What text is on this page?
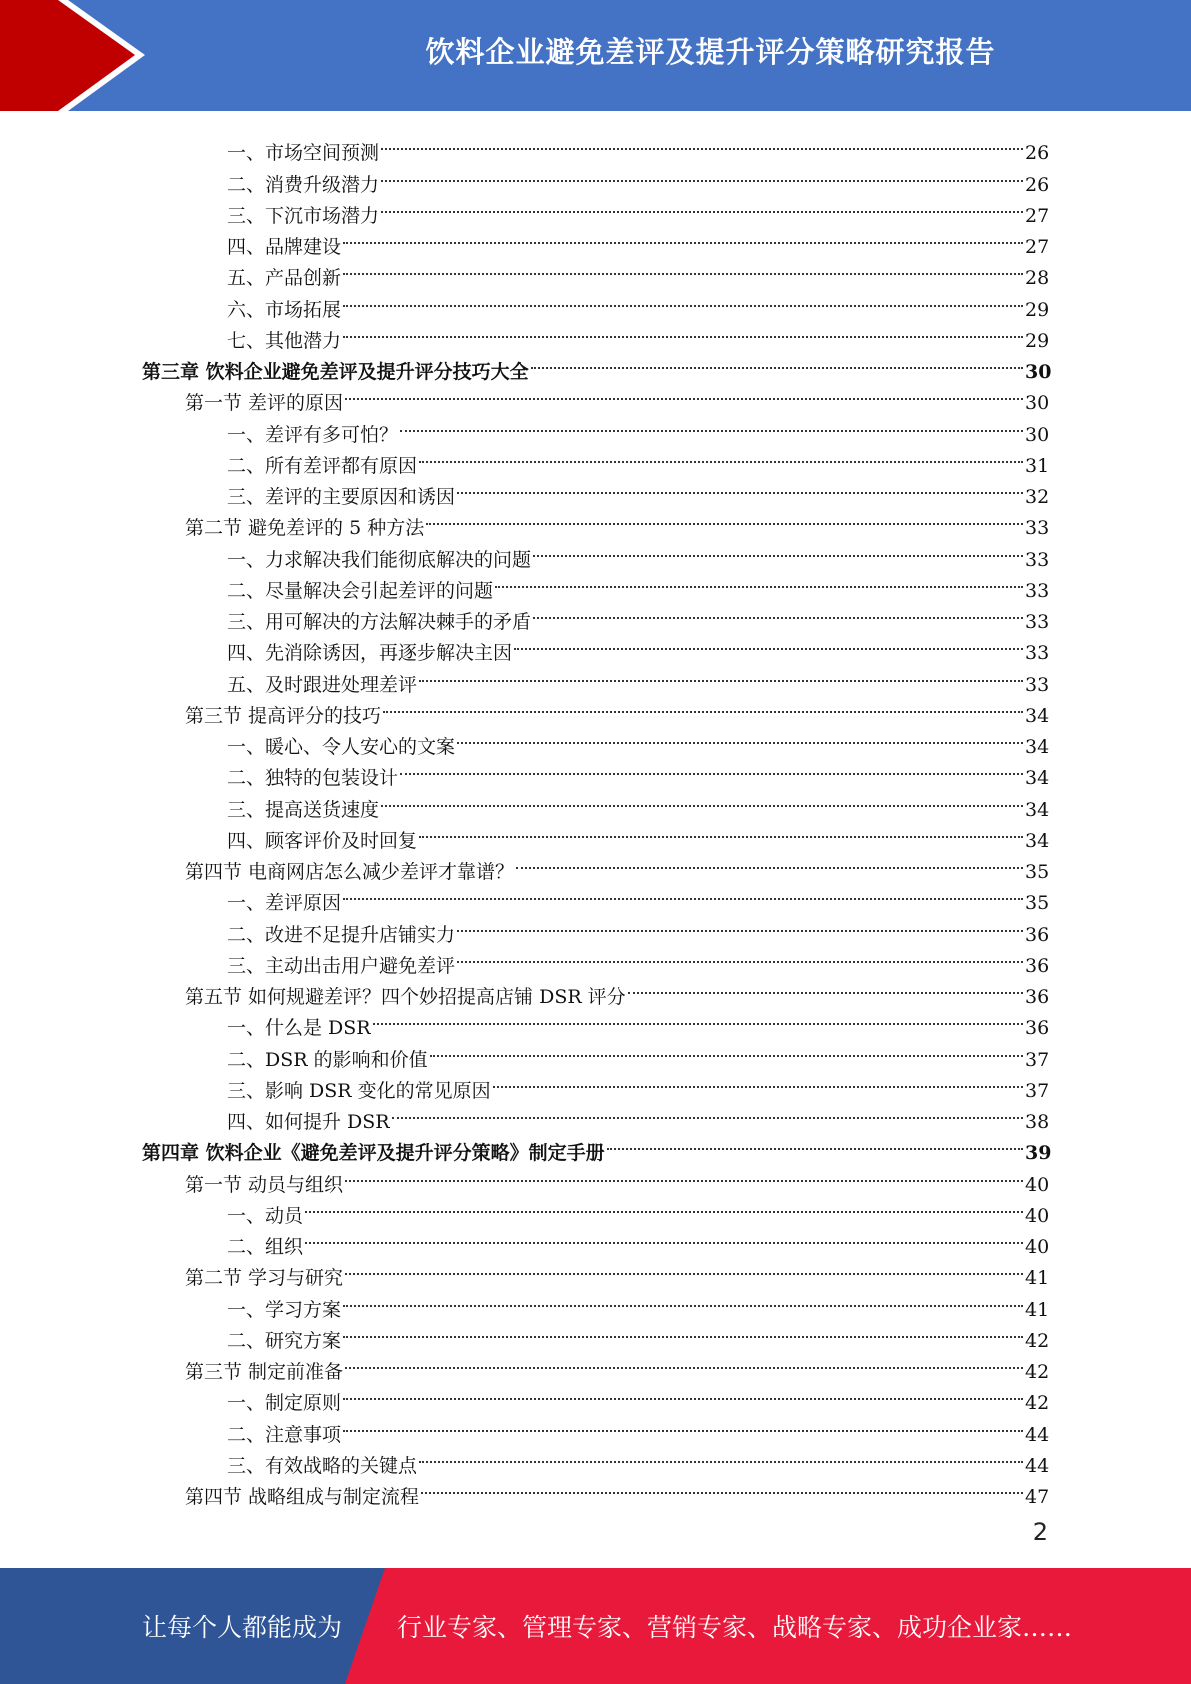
饮料企业避免差评及提升评分策略研究报告
一、市场空间预测	26
二、消费升级潜力	26
三、下沉市场潜力	27
四、品牌建设	27
五、产品创新	28
六、市场拓展	29
七、其他潜力	29
第三章 饮料企业避免差评及提升评分技巧大全	30
第一节 差评的原因	30
一、差评有多可怕？	30
二、所有差评都有原因	31
三、差评的主要原因和诱因	32
第二节 避免差评的 5 种方法	33
一、力求解决我们能彻底解决的问题	33
二、尽量解决会引起差评的问题	33
三、用可解决的方法解决棘手的矛盾	33
四、先消除诱因，再逐步解决主因	33
五、及时跟进处理差评	33
第三节 提高评分的技巧	34
一、暖心、令人安心的文案	34
二、独特的包装设计	34
三、提高送货速度	34
四、顾客评价及时回复	34
第四节 电商网店怎么减少差评才靠谱？	35
一、差评原因	35
二、改进不足提升店铺实力	36
三、主动出击用户避免差评	36
第五节 如何规避差评？四个妙招提高店铺 DSR 评分	36
一、什么是 DSR	36
二、DSR 的影响和价值	37
三、影响 DSR 变化的常见原因	37
四、如何提升 DSR	38
第四章 饮料企业《避免差评及提升评分策略》制定手册	39
第一节 动员与组织	40
一、动员	40
二、组织	40
第二节 学习与研究	41
一、学习方案	41
二、研究方案	42
第三节 制定前准备	42
一、制定原则	42
二、注意事项	44
三、有效战略的关键点	44
第四节 战略组成与制定流程	47
2
让每个人都能成为 行业专家、管理专家、营销专家、战略专家、成功企业家……
